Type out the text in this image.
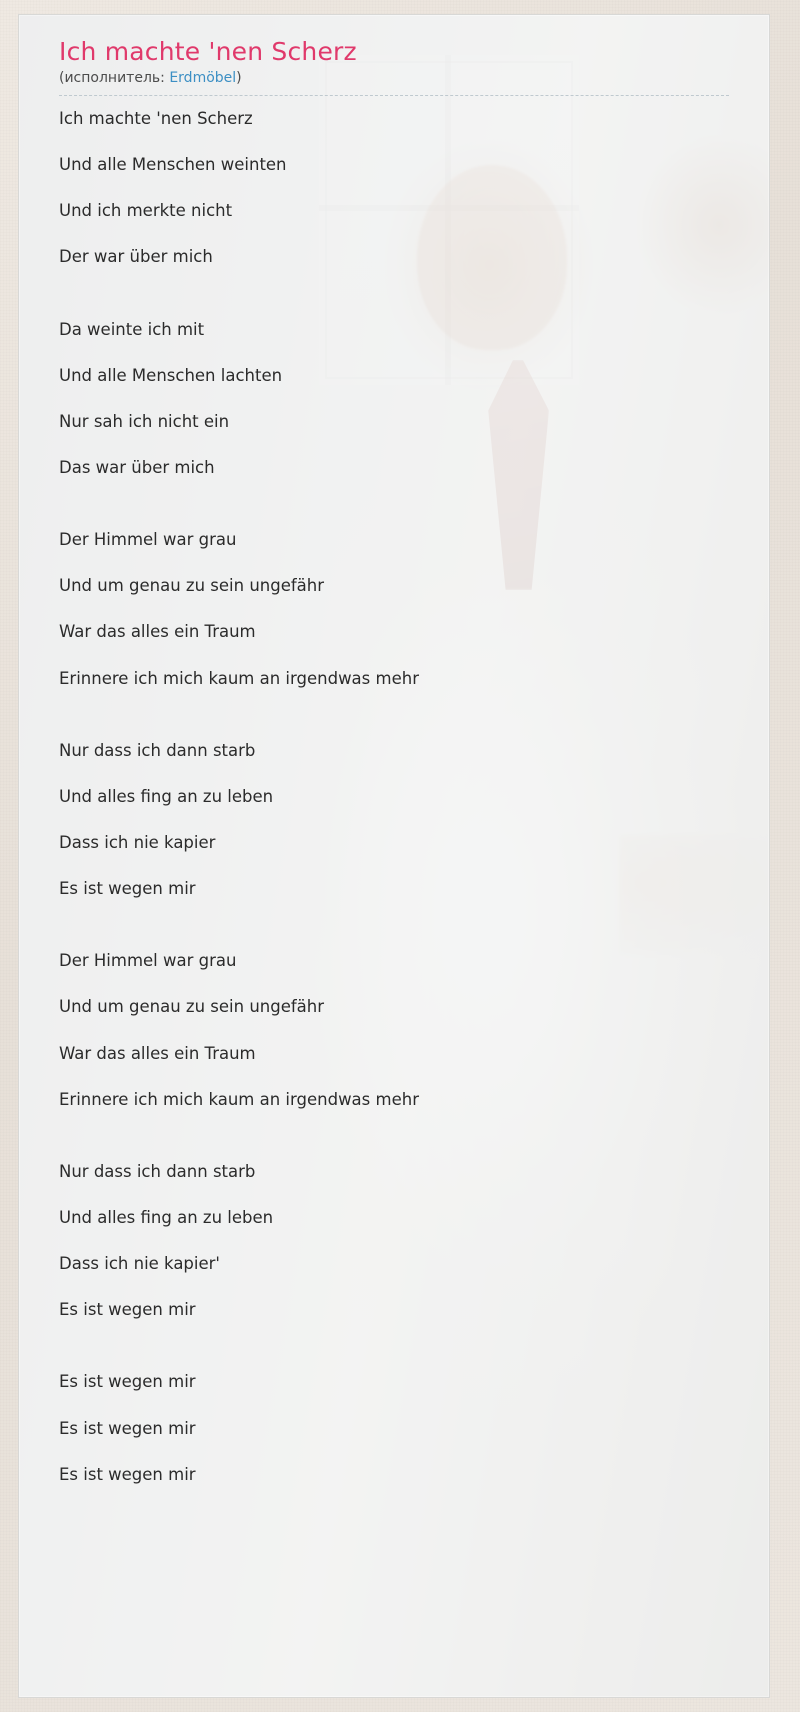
Ich machte 'nen Scherz
(исполнитель: Erdmöbel)

Ich machte 'nen Scherz

Und alle Menschen weinten

Und ich merkte nicht

Der war über mich

Da weinte ich mit

Und alle Menschen lachten

Nur sah ich nicht ein

Das war über mich

Der Himmel war grau

Und um genau zu sein ungefähr

War das alles ein Traum

Erinnere ich mich kaum an irgendwas mehr

Nur dass ich dann starb

Und alles fing an zu leben

Dass ich nie kapier

Es ist wegen mir

Der Himmel war grau

Und um genau zu sein ungefähr

War das alles ein Traum

Erinnere ich mich kaum an irgendwas mehr

Nur dass ich dann starb

Und alles fing an zu leben

Dass ich nie kapier'

Es ist wegen mir

Es ist wegen mir

Es ist wegen mir

Es ist wegen mir
